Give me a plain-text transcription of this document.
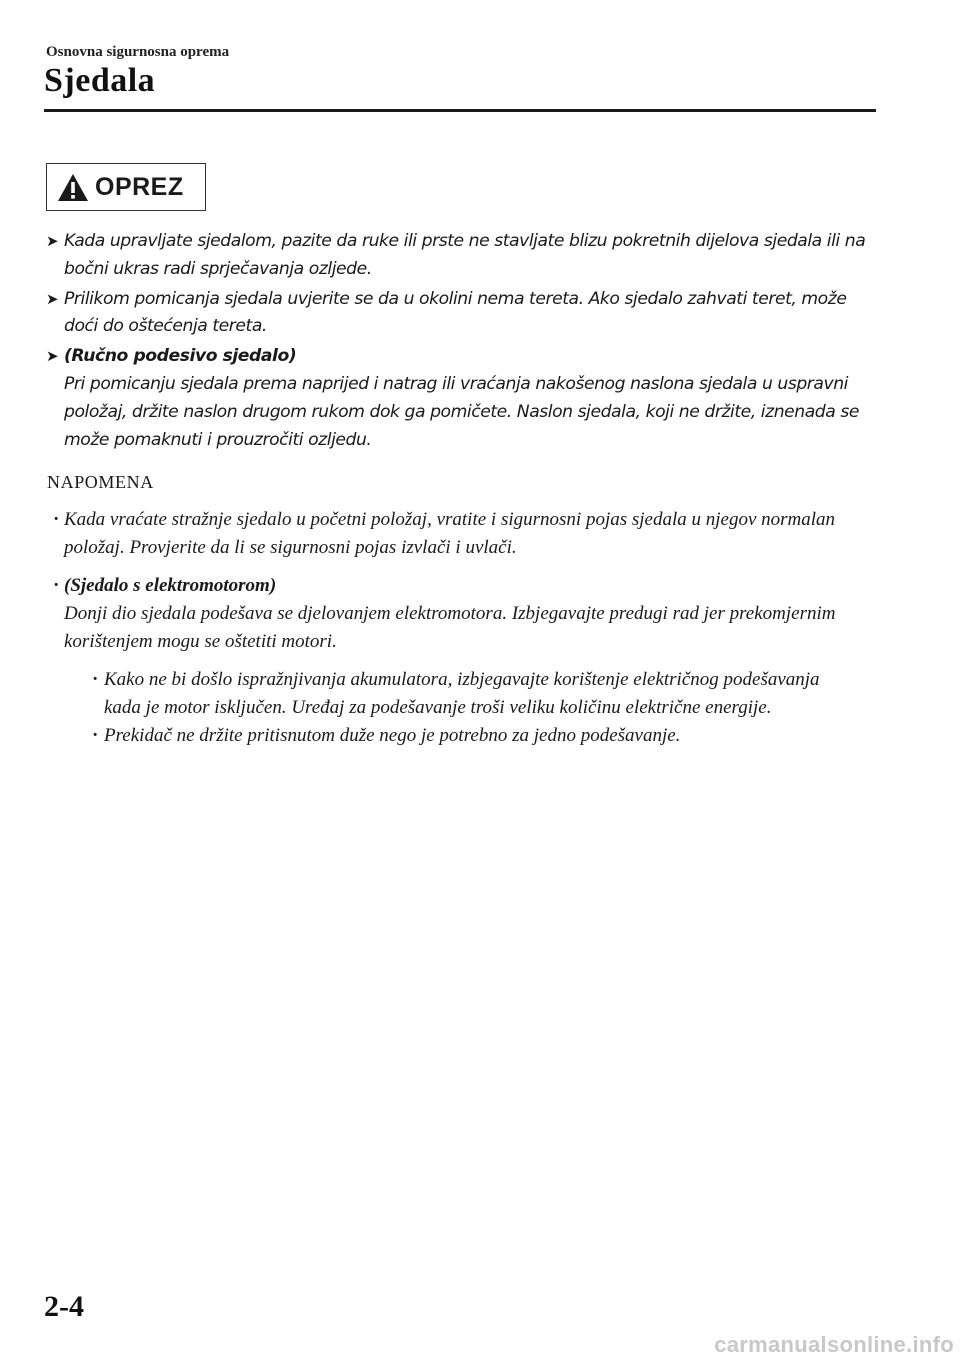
Osnovna sigurnosna oprema
Sjedala
OPREZ
➤ Kada upravljate sjedalom, pazite da ruke ili prste ne stavljate blizu pokretnih dijelova sjedala ili na bočni ukras radi sprječavanja ozljede.
➤ Prilikom pomicanja sjedala uvjerite se da u okolini nema tereta. Ako sjedalo zahvati teret, može doći do oštećenja tereta.
➤ (Ručno podesivo sjedalo)
Pri pomicanju sjedala prema naprijed i natrag ili vraćanja nakošenog naslona sjedala u uspravni položaj, držite naslon drugom rukom dok ga pomičete. Naslon sjedala, koji ne držite, iznenada se može pomaknuti i prouzročiti ozljedu.
NAPOMENA
· Kada vraćate stražnje sjedalo u početni položaj, vratite i sigurnosni pojas sjedala u njegov normalan položaj. Provjerite da li se sigurnosni pojas izvlači i uvlači.
· (Sjedalo s elektromotorom)
Donji dio sjedala podešava se djelovanjem elektromotora. Izbjegavajte predugi rad jer prekomjernim korištenjem mogu se oštetiti motori.
· Kako ne bi došlo ispražnjivanja akumulatora, izbjegavajte korištenje električnog podešavanja kada je motor isključen. Uređaj za podešavanje troši veliku količinu električne energije.
· Prekidač ne držite pritisnutom duže nego je potrebno za jedno podešavanje.
2-4
carmanualsonline.info
